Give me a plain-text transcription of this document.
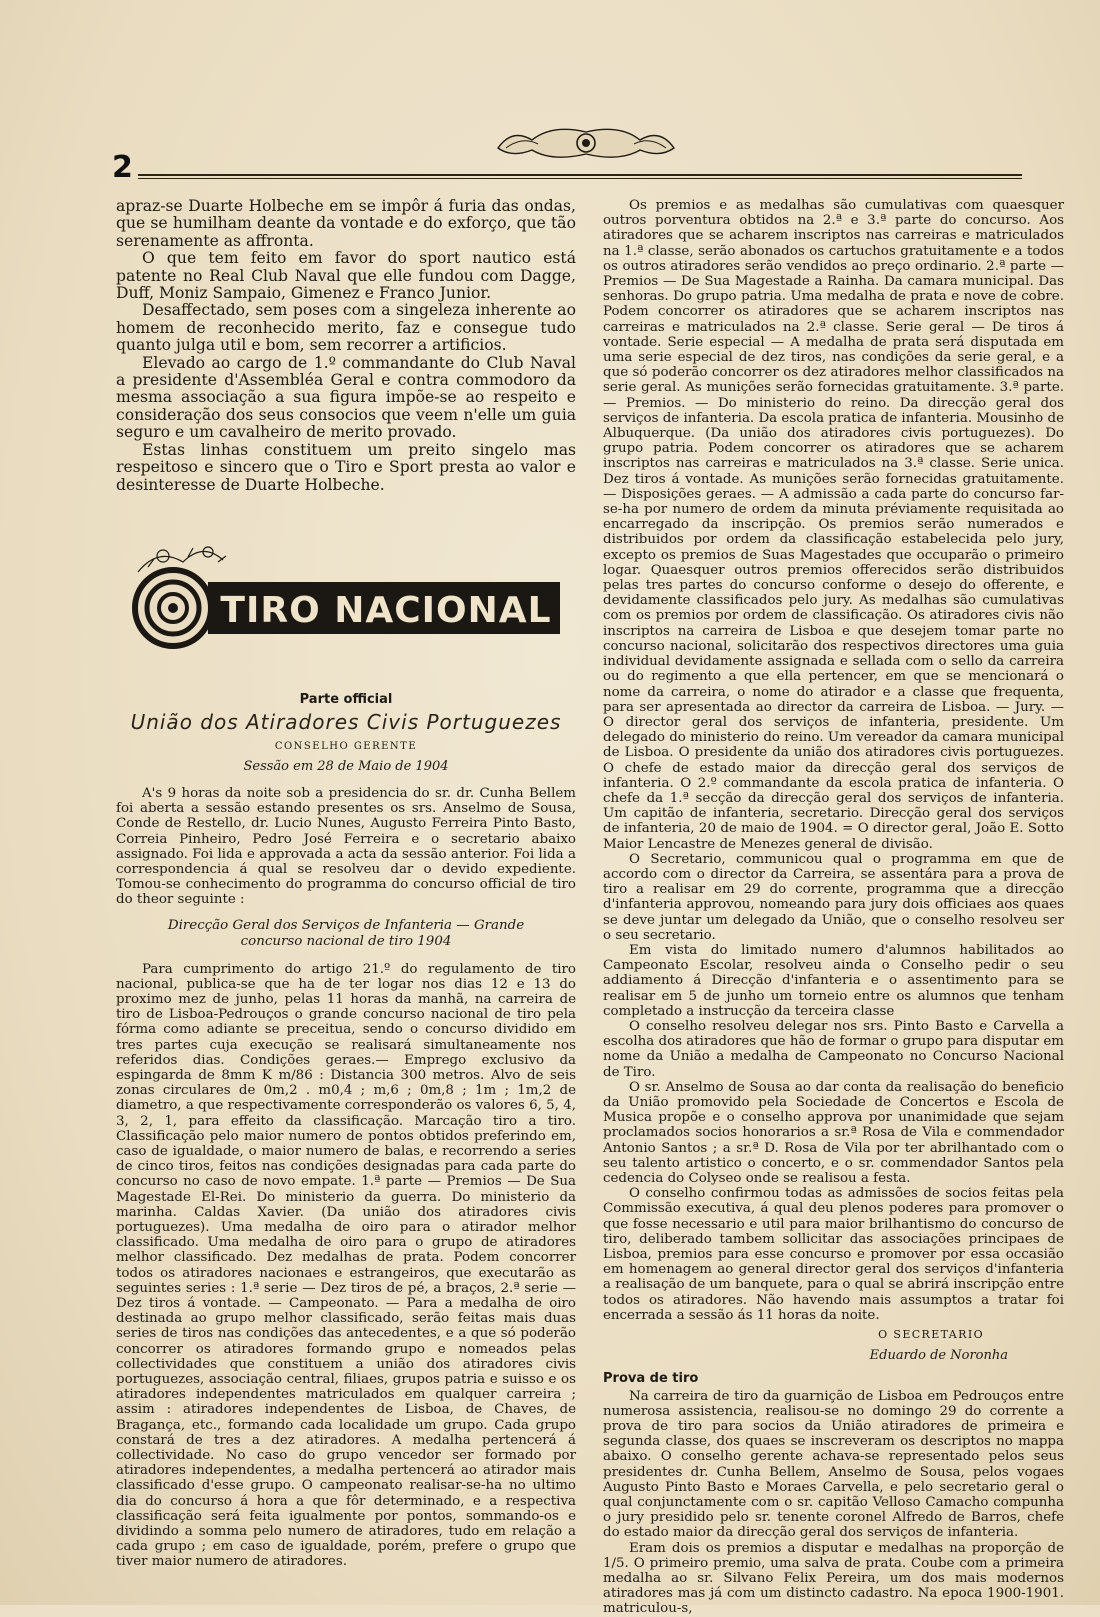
2

apraz-se Duarte Holbeche em se impôr á furia das ondas, que se humilham deante da vontade e do exforço, que tão serenamente as affronta.

O que tem feito em favor do sport nautico está patente no Real Club Naval que elle fundou com Dagge, Duff, Moniz Sampaio, Gimenez e Franco Junior.

Desaffectado, sem poses com a singeleza inherente ao homem de reconhecido merito, faz e consegue tudo quanto julga util e bom, sem recorrer a artificios.

Elevado ao cargo de 1.º commandante do Club Naval a presidente d'Assembléa Geral e contra commodoro da mesma associação a sua figura impõe-se ao respeito e consideração dos seus consocios que veem n'elle um guia seguro e um cavalheiro de merito provado.

Estas linhas constituem um preito singelo mas respeitoso e sincero que o Tiro e Sport presta ao valor e desinteresse de Duarte Holbeche.

TIRO NACIONAL
Parte official
União dos Atiradores Civis Portuguezes
CONSELHO GERENTE
Sessão em 28 de Maio de 1904

A's 9 horas da noite sob a presidencia do sr. dr. Cunha Bellem foi aberta a sessão estando presentes os srs. Anselmo de Sousa, Conde de Restello, dr. Lucio Nunes, Augusto Ferreira Pinto Basto, Correia Pinheiro, Pedro José Ferreira e o secretario abaixo assignado. Foi lida e approvada a acta da sessão anterior. Foi lida a correspondencia á qual se resolveu dar o devido expediente. Tomou-se conhecimento do programma do concurso official de tiro do theor seguinte :

Direcção Geral dos Serviços de Infanteria — Grande concurso nacional de tiro 1904

Para cumprimento do artigo 21.º do regulamento de tiro nacional, publica-se que ha de ter logar nos dias 12 e 13 do proximo mez de junho, pelas 11 horas da manhã, na carreira de tiro de Lisboa-Pedrouços o grande concurso nacional de tiro pela fórma como adiante se preceitua, sendo o concurso dividido em tres partes cuja execução se realisará simultaneamente nos referidos dias. Condições geraes.— Emprego exclusivo da espingarda de 8mm K m/86 : Distancia 300 metros. Alvo de seis zonas circulares de 0m,2 . m0,4 ; m,6 ; 0m,8 ; 1m ; 1m,2 de diametro, a que respectivamente corresponderão os valores 6, 5, 4, 3, 2, 1, para effeito da classificação. Marcação tiro a tiro. Classificação pelo maior numero de pontos obtidos preferindo em, caso de igualdade, o maior numero de balas, e recorrendo a series de cinco tiros, feitos nas condições designadas para cada parte do concurso no caso de novo empate. 1.ª parte — Premios — De Sua Magestade El-Rei. Do ministerio da guerra. Do ministerio da marinha. Caldas Xavier. (Da união dos atiradores civis portuguezes). Uma medalha de oiro para o atirador melhor classificado. Uma medalha de oiro para o grupo de atiradores melhor classificado. Dez medalhas de prata. Podem concorrer todos os atiradores nacionaes e estrangeiros, que executarão as seguintes series : 1.ª serie — Dez tiros de pé, a braços, 2.ª serie — Dez tiros á vontade. — Campeonato. — Para a medalha de oiro destinada ao grupo melhor classificado, serão feitas mais duas series de tiros nas condições das antecedentes, e a que só poderão concorrer os atiradores formando grupo e nomeados pelas collectividades que constituem a união dos atiradores civis portuguezes, associação central, filiaes, grupos patria e suisso e os atiradores independentes matriculados em qualquer carreira ; assim : atiradores independentes de Lisboa, de Chaves, de Bragança, etc., formando cada localidade um grupo. Cada grupo constará de tres a dez atiradores. A medalha pertencerá á collectividade. No caso do grupo vencedor ser formado por atiradores independentes, a medalha pertencerá ao atirador mais classificado d'esse grupo. O campeonato realisar-se-ha no ultimo dia do concurso á hora a que fôr determinado, e a respectiva classificação será feita igualmente por pontos, sommando-os e dividindo a somma pelo numero de atiradores, tudo em relação a cada grupo ; em caso de igualdade, porém, prefere o grupo que tiver maior numero de atiradores.

Os premios e as medalhas são cumulativas com quaesquer outros porventura obtidos na 2.ª e 3.ª parte do concurso. Aos atiradores que se acharem inscriptos nas carreiras e matriculados na 1.ª classe, serão abonados os cartuchos gratuitamente e a todos os outros atiradores serão vendidos ao preço ordinario. 2.ª parte — Premios — De Sua Magestade a Rainha. Da camara municipal. Das senhoras. Do grupo patria. Uma medalha de prata e nove de cobre. Podem concorrer os atiradores que se acharem inscriptos nas carreiras e matriculados na 2.ª classe. Serie geral — De tiros á vontade. Serie especial — A medalha de prata será disputada em uma serie especial de dez tiros, nas condições da serie geral, e a que só poderão concorrer os dez atiradores melhor classificados na serie geral. As munições serão fornecidas gratuitamente. 3.ª parte. — Premios. — Do ministerio do reino. Da direcção geral dos serviços de infanteria. Da escola pratica de infanteria. Mousinho de Albuquerque. (Da união dos atiradores civis portuguezes). Do grupo patria. Podem concorrer os atiradores que se acharem inscriptos nas carreiras e matriculados na 3.ª classe. Serie unica. Dez tiros á vontade. As munições serão fornecidas gratuitamente. — Disposições geraes. — A admissão a cada parte do concurso far-se-ha por numero de ordem da minuta préviamente requisitada ao encarregado da inscripção. Os premios serão numerados e distribuidos por ordem da classificação estabelecida pelo jury, excepto os premios de Suas Magestades que occuparão o primeiro logar. Quaesquer outros premios offerecidos serão distribuidos pelas tres partes do concurso conforme o desejo do offerente, e devidamente classificados pelo jury. As medalhas são cumulativas com os premios por ordem de classificação. Os atiradores civis não inscriptos na carreira de Lisboa e que desejem tomar parte no concurso nacional, solicitarão dos respectivos directores uma guia individual devidamente assignada e sellada com o sello da carreira ou do regimento a que ella pertencer, em que se mencionará o nome da carreira, o nome do atirador e a classe que frequenta, para ser apresentada ao director da carreira de Lisboa. — Jury. — O director geral dos serviços de infanteria, presidente. Um delegado do ministerio do reino. Um vereador da camara municipal de Lisboa. O presidente da união dos atiradores civis portuguezes. O chefe de estado maior da direcção geral dos serviços de infanteria. O 2.º commandante da escola pratica de infanteria. O chefe da 1.ª secção da direcção geral dos serviços de infanteria. Um capitão de infanteria, secretario. Direcção geral dos serviços de infanteria, 20 de maio de 1904. = O director geral, João E. Sotto Maior Lencastre de Menezes general de divisão.

O Secretario, communicou qual o programma em que de accordo com o director da Carreira, se assentára para a prova de tiro a realisar em 29 do corrente, programma que a direcção d'infanteria approvou, nomeando para jury dois officiaes aos quaes se deve juntar um delegado da União, que o conselho resolveu ser o seu secretario.

Em vista do limitado numero d'alumnos habilitados ao Campeonato Escolar, resolveu ainda o Conselho pedir o seu addiamento á Direcção d'infanteria e o assentimento para se realisar em 5 de junho um torneio entre os alumnos que tenham completado a instrucção da terceira classe

O conselho resolveu delegar nos srs. Pinto Basto e Carvella a escolha dos atiradores que hão de formar o grupo para disputar em nome da União a medalha de Campeonato no Concurso Nacional de Tiro.

O sr. Anselmo de Sousa ao dar conta da realisação do beneficio da União promovido pela Sociedade de Concertos e Escola de Musica propõe e o conselho approva por unanimidade que sejam proclamados socios honorarios a sr.ª Rosa de Vila e commendador Antonio Santos ; a sr.ª D. Rosa de Vila por ter abrilhantado com o seu talento artistico o concerto, e o sr. commendador Santos pela cedencia do Colyseo onde se realisou a festa.

O conselho confirmou todas as admissões de socios feitas pela Commissão executiva, á qual deu plenos poderes para promover o que fosse necessario e util para maior brilhantismo do concurso de tiro, deliberado tambem sollicitar das associações principaes de Lisboa, premios para esse concurso e promover por essa occasião em homenagem ao general director geral dos serviços d'infanteria a realisação de um banquete, para o qual se abrirá inscripção entre todos os atiradores. Não havendo mais assumptos a tratar foi encerrada a sessão ás 11 horas da noite.

O SECRETARIO
Eduardo de Noronha
Prova de tiro

Na carreira de tiro da guarnição de Lisboa em Pedrouços entre numerosa assistencia, realisou-se no domingo 29 do corrente a prova de tiro para socios da União atiradores de primeira e segunda classe, dos quaes se inscreveram os descriptos no mappa abaixo. O conselho gerente achava-se representado pelos seus presidentes dr. Cunha Bellem, Anselmo de Sousa, pelos vogaes Augusto Pinto Basto e Moraes Carvella, e pelo secretario geral o qual conjunctamente com o sr. capitão Velloso Camacho compunha o jury presidido pelo sr. tenente coronel Alfredo de Barros, chefe do estado maior da direcção geral dos serviços de infanteria.

Eram dois os premios a disputar e medalhas na proporção de 1/5. O primeiro premio, uma salva de prata. Coube com a primeira medalha ao sr. Silvano Felix Pereira, um dos mais modernos atiradores mas já com um distincto cadastro. Na epoca 1900-1901. matriculou-s,
